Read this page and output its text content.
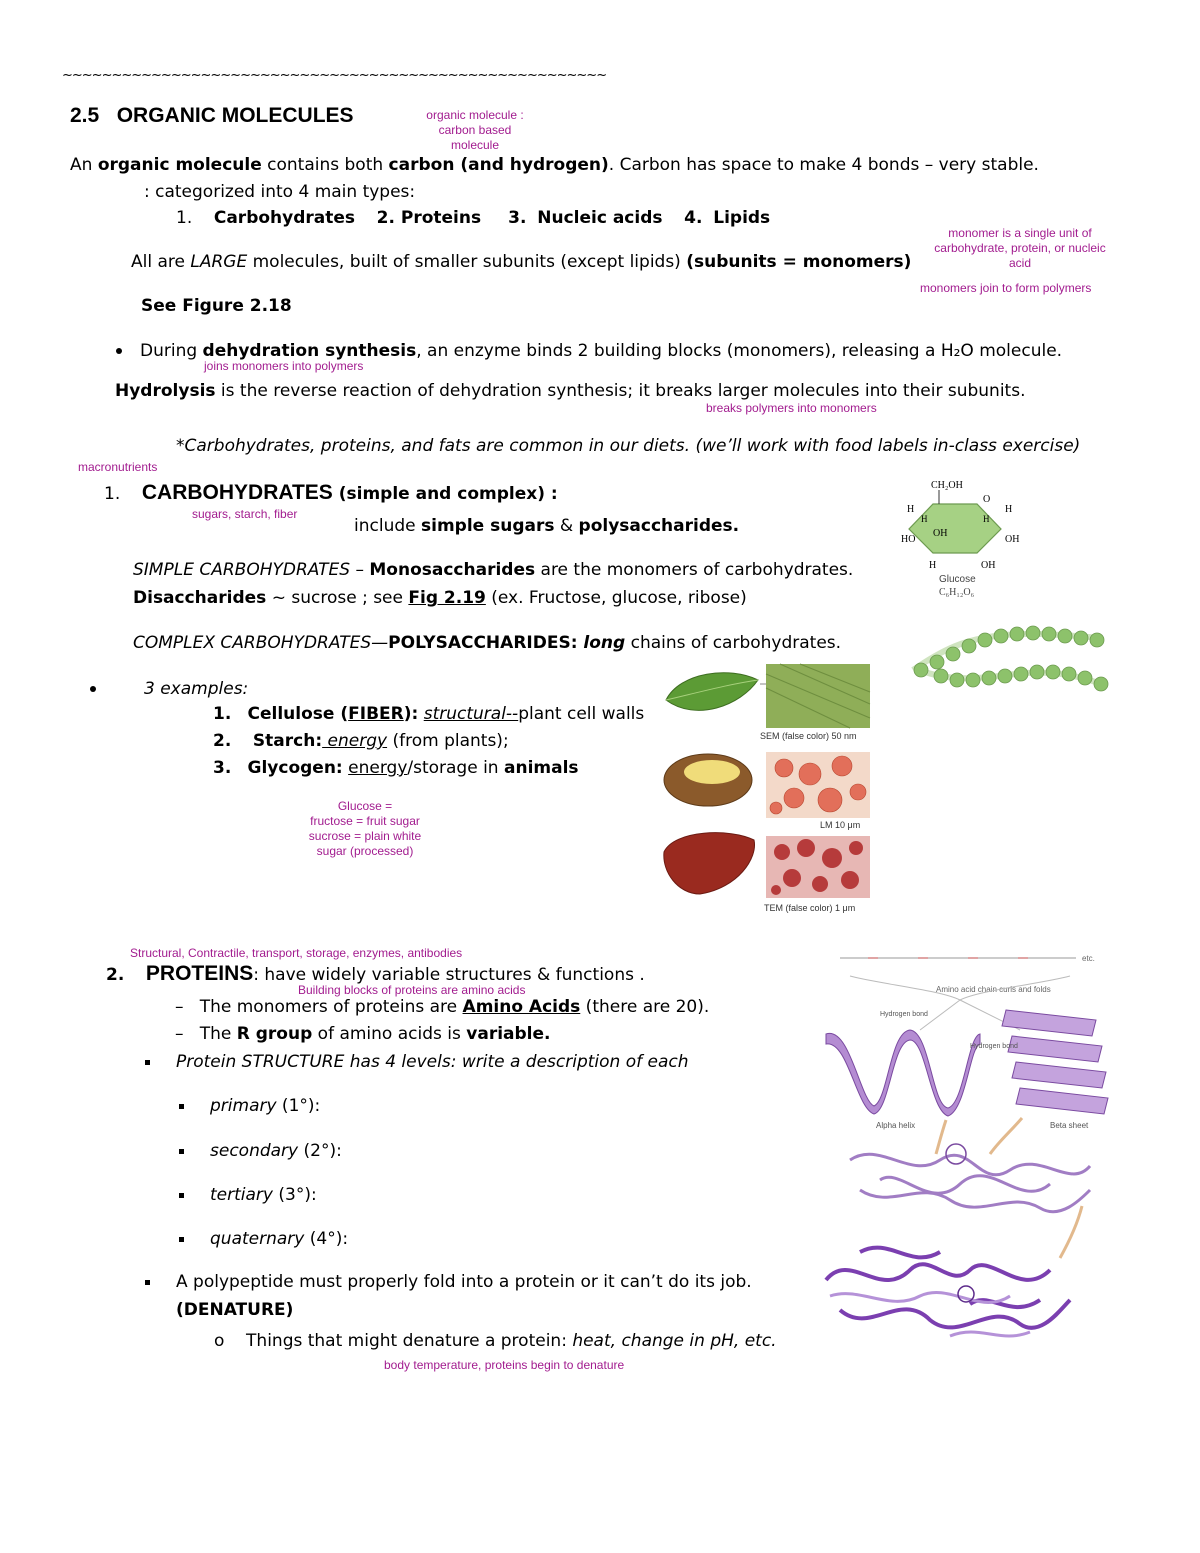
~~~~~~~~~~~~~~~~~~~~~~~~~~~~~~~~~~~~~~~~~~~~~~~~~~~~~~~
2.5 ORGANIC MOLECULES	organic molecule :
carbon based
molecule
An organic molecule contains both carbon (and hydrogen). Carbon has space to make 4 bonds – very stable.
: categorized into 4 main types:
1. Carbohydrates 2. Proteins 3. Nucleic acids 4. Lipids
monomer is a single unit of
carbohydrate, protein, or nucleic
acid
All are LARGE molecules, built of smaller subunits (except lipids) (subunits = monomers)
monomers join to form polymers
See Figure 2.18
During dehydration synthesis, an enzyme binds 2 building blocks (monomers), releasing a H₂O molecule.
joins monomers into polymers
Hydrolysis is the reverse reaction of dehydration synthesis; it breaks larger molecules into their subunits.
breaks polymers into monomers
*Carbohydrates, proteins, and fats are common in our diets. (we’ll work with food labels in-class exercise)
macronutrients
1. CARBOHYDRATES (simple and complex) :
sugars, starch, fiber
include simple sugars & polysaccharides.
SIMPLE CARBOHYDRATES – Monosaccharides are the monomers of carbohydrates.
Disaccharides ~ sucrose ; see Fig 2.19 (ex. Fructose, glucose, ribose)
COMPLEX CARBOHYDRATES—POLYSACCHARIDES: long chains of carbohydrates.
3 examples:
1. Cellulose (FIBER): structural--plant cell walls
2. Starch: energy (from plants);
3. Glycogen: energy/storage in animals
Glucose =
fructose = fruit sugar
sucrose = plain white
sugar (processed)
CH₂OH
O
H
H
OH
H
H
HO	OH
H	OH
Glucose
C₆H₁₂O₆
SEM (false color) 50 nm
LM 10 μm
TEM (false color) 1 μm
Structural, Contractile, transport, storage, enzymes, antibodies
2. PROTEINS: have widely variable structures & functions .
Building blocks of proteins are amino acids
– The monomers of proteins are Amino Acids (there are 20).
– The R group of amino acids is variable.
Protein STRUCTURE has 4 levels: write a description of each
primary (1°):
secondary (2°):
tertiary (3°):
quaternary (4°):
A polypeptide must properly fold into a protein or it can’t do its job.
(DENATURE)
o Things that might denature a protein: heat, change in pH, etc.
body temperature, proteins begin to denature
etc.
Amino acid chain curls and folds
Hydrogen bond
Alpha helix
Hydrogen bond
Beta sheet
